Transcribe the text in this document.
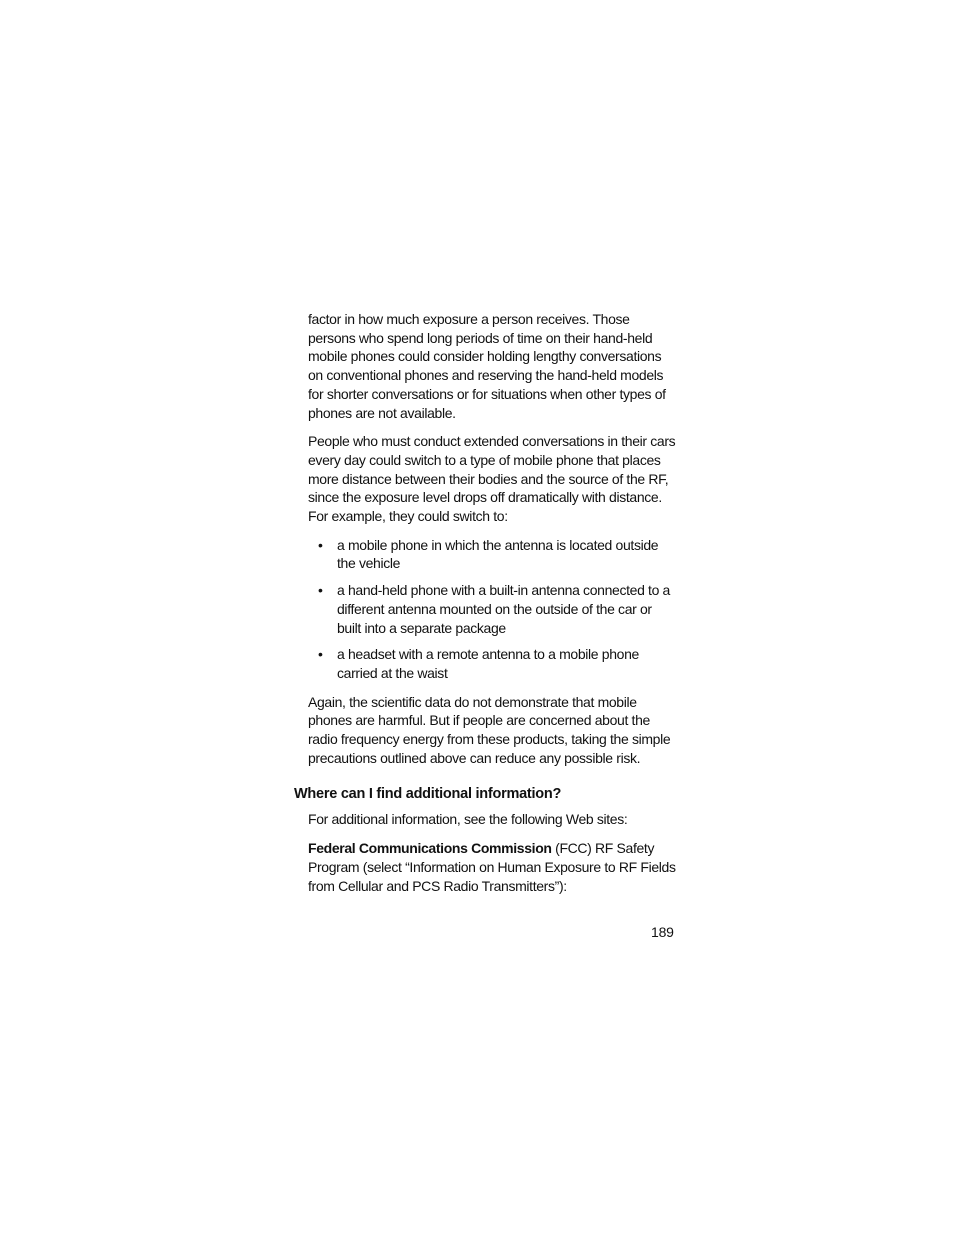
factor in how much exposure a person receives. Those persons who spend long periods of time on their hand-held mobile phones could consider holding lengthy conversations on conventional phones and reserving the hand-held models for shorter conversations or for situations when other types of phones are not available.

People who must conduct extended conversations in their cars every day could switch to a type of mobile phone that places more distance between their bodies and the source of the RF, since the exposure level drops off dramatically with distance. For example, they could switch to:

• a mobile phone in which the antenna is located outside the vehicle
• a hand-held phone with a built-in antenna connected to a different antenna mounted on the outside of the car or built into a separate package
• a headset with a remote antenna to a mobile phone carried at the waist

Again, the scientific data do not demonstrate that mobile phones are harmful. But if people are concerned about the radio frequency energy from these products, taking the simple precautions outlined above can reduce any possible risk.

Where can I find additional information?

For additional information, see the following Web sites:

Federal Communications Commission (FCC) RF Safety Program (select “Information on Human Exposure to RF Fields from Cellular and PCS Radio Transmitters”):

189
